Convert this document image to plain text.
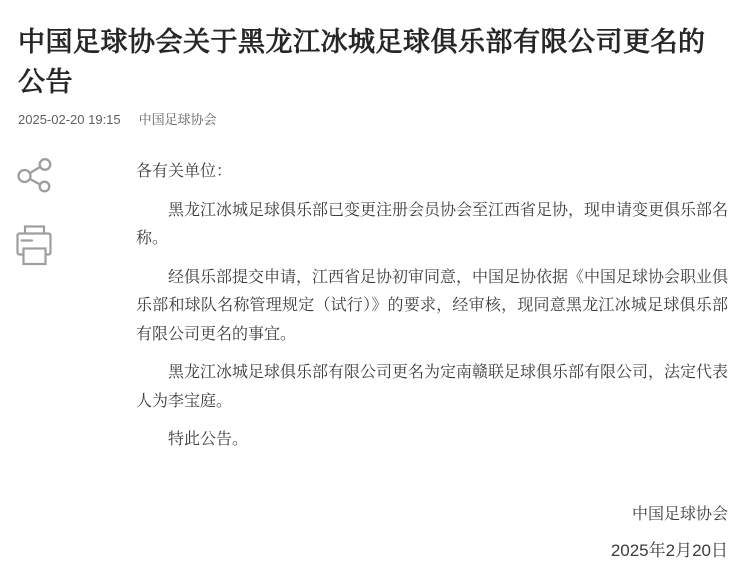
中国足球协会关于黑龙江冰城足球俱乐部有限公司更名的公告
2025-02-20 19:15 中国足球协会

各有关单位：

黑龙江冰城足球俱乐部已变更注册会员协会至江西省足协，现申请变更俱乐部名称。

经俱乐部提交申请，江西省足协初审同意，中国足协依据《中国足球协会职业俱乐部和球队名称管理规定（试行）》的要求，经审核，现同意黑龙江冰城足球俱乐部有限公司更名的事宜。

黑龙江冰城足球俱乐部有限公司更名为定南赣联足球俱乐部有限公司，法定代表人为李宝庭。

特此公告。

中国足球协会
2025年2月20日
